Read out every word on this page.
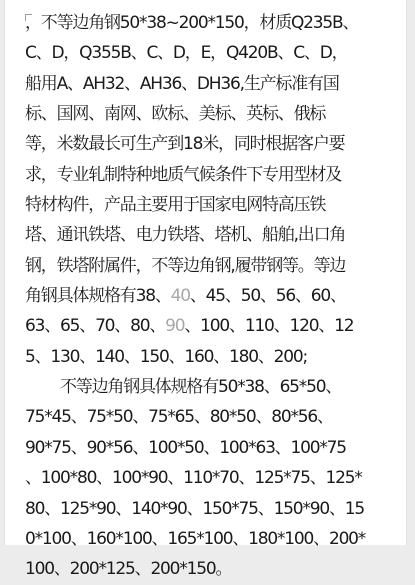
，不等边角钢50*38~200*150，材质Q235B、
C、D，Q355B、C、D，E，Q420B、C、D，
船用A、AH32、AH36、DH36,生产标准有国
标、国网、南网、欧标、美标、英标、俄标
等，米数最长可生产到18米，同时根据客户要
求，专业轧制特种地质气候条件下专用型材及
特材构件，产品主要用于国家电网特高压铁
塔、通讯铁塔、电力铁塔、塔机、船舶,出口角
钢，铁塔附属件，不等边角钢,履带钢等。等边
角钢具体规格有38、40、45、50、56、60、
63、65、70、80、90、100、110、120、12
5、130、140、150、160、180、200;
不等边角钢具体规格有50*38、65*50、
75*45、75*50、75*65、80*50、80*56、
90*75、90*56、100*50、100*63、100*75
、100*80、100*90、110*70、125*75、125*
80、125*90、140*90、150*75、150*90、15
0*100、160*100、165*100、180*100、200*
100、200*125、200*150。
